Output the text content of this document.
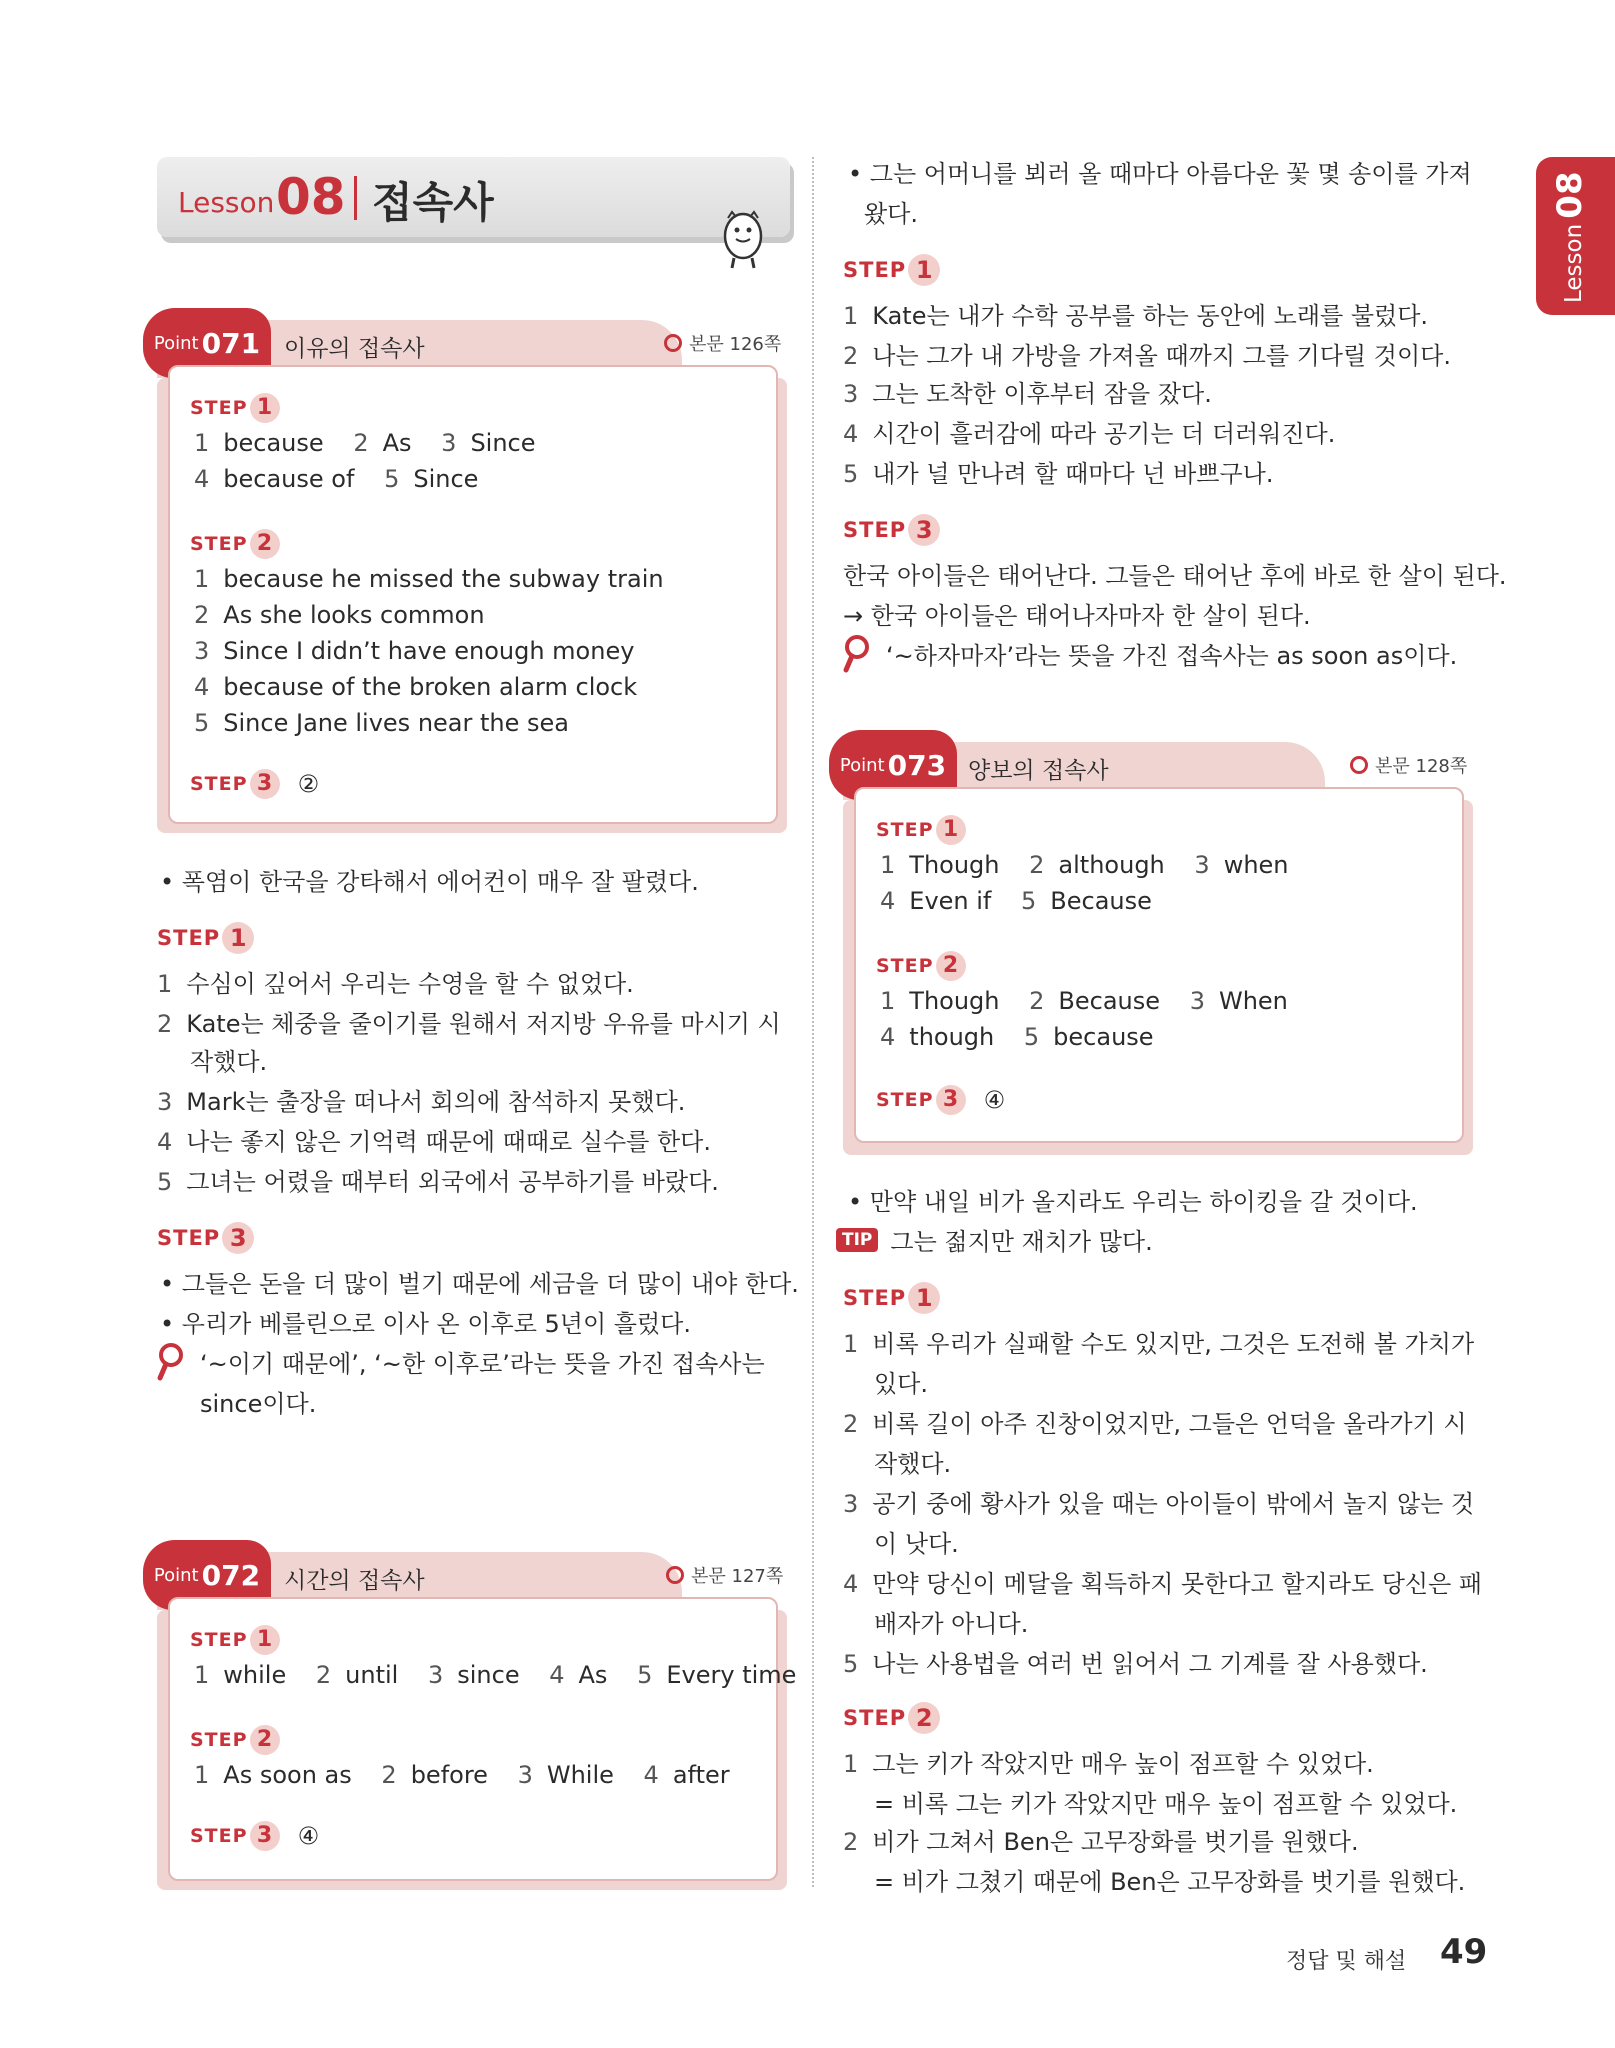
Lesson 08 접속사
Lesson 08
Point 071 이유의 접속사	본문 126쪽
STEP 1
1 because 2 As 3 Since
4 because of 5 Since
STEP 2
1 because he missed the subway train
2 As she looks common
3 Since I didn’t have enough money
4 because of the broken alarm clock
5 Since Jane lives near the sea
STEP 3	②
• 폭염이 한국을 강타해서 에어컨이 매우 잘 팔렸다.
STEP 1
1 수심이 깊어서 우리는 수영을 할 수 없었다.
2 Kate는 체중을 줄이기를 원해서 저지방 우유를 마시기 시
작했다.
3 Mark는 출장을 떠나서 회의에 참석하지 못했다.
4 나는 좋지 않은 기억력 때문에 때때로 실수를 한다.
5 그녀는 어렸을 때부터 외국에서 공부하기를 바랐다.
STEP 3
• 그들은 돈을 더 많이 벌기 때문에 세금을 더 많이 내야 한다.
• 우리가 베를린으로 이사 온 이후로 5년이 흘렀다.
‘~이기 때문에’, ‘~한 이후로’라는 뜻을 가진 접속사는
since이다.
Point 072 시간의 접속사	본문 127쪽
STEP 1
1 while 2 until 3 since 4 As 5 Every time
STEP 2
1 As soon as 2 before 3 While 4 after
STEP 3	④
• 그는 어머니를 뵈러 올 때마다 아름다운 꽃 몇 송이를 가져
왔다.
STEP 1
1 Kate는 내가 수학 공부를 하는 동안에 노래를 불렀다.
2 나는 그가 내 가방을 가져올 때까지 그를 기다릴 것이다.
3 그는 도착한 이후부터 잠을 잤다.
4 시간이 흘러감에 따라 공기는 더 더러워진다.
5 내가 널 만나려 할 때마다 넌 바쁘구나.
STEP 3
한국 아이들은 태어난다. 그들은 태어난 후에 바로 한 살이 된다.
→ 한국 아이들은 태어나자마자 한 살이 된다.
‘~하자마자’라는 뜻을 가진 접속사는 as soon as이다.
Point 073 양보의 접속사	본문 128쪽
STEP 1
1 Though 2 although 3 when
4 Even if 5 Because
STEP 2
1 Though 2 Because 3 When
4 though 5 because
STEP 3	④
• 만약 내일 비가 올지라도 우리는 하이킹을 갈 것이다.
TIP 그는 젊지만 재치가 많다.
STEP 1
1 비록 우리가 실패할 수도 있지만, 그것은 도전해 볼 가치가
있다.
2 비록 길이 아주 진창이었지만, 그들은 언덕을 올라가기 시
작했다.
3 공기 중에 황사가 있을 때는 아이들이 밖에서 놀지 않는 것
이 낫다.
4 만약 당신이 메달을 획득하지 못한다고 할지라도 당신은 패
배자가 아니다.
5 나는 사용법을 여러 번 읽어서 그 기계를 잘 사용했다.
STEP 2
1 그는 키가 작았지만 매우 높이 점프할 수 있었다.
= 비록 그는 키가 작았지만 매우 높이 점프할 수 있었다.
2 비가 그쳐서 Ben은 고무장화를 벗기를 원했다.
= 비가 그쳤기 때문에 Ben은 고무장화를 벗기를 원했다.
정답 및 해설 49
